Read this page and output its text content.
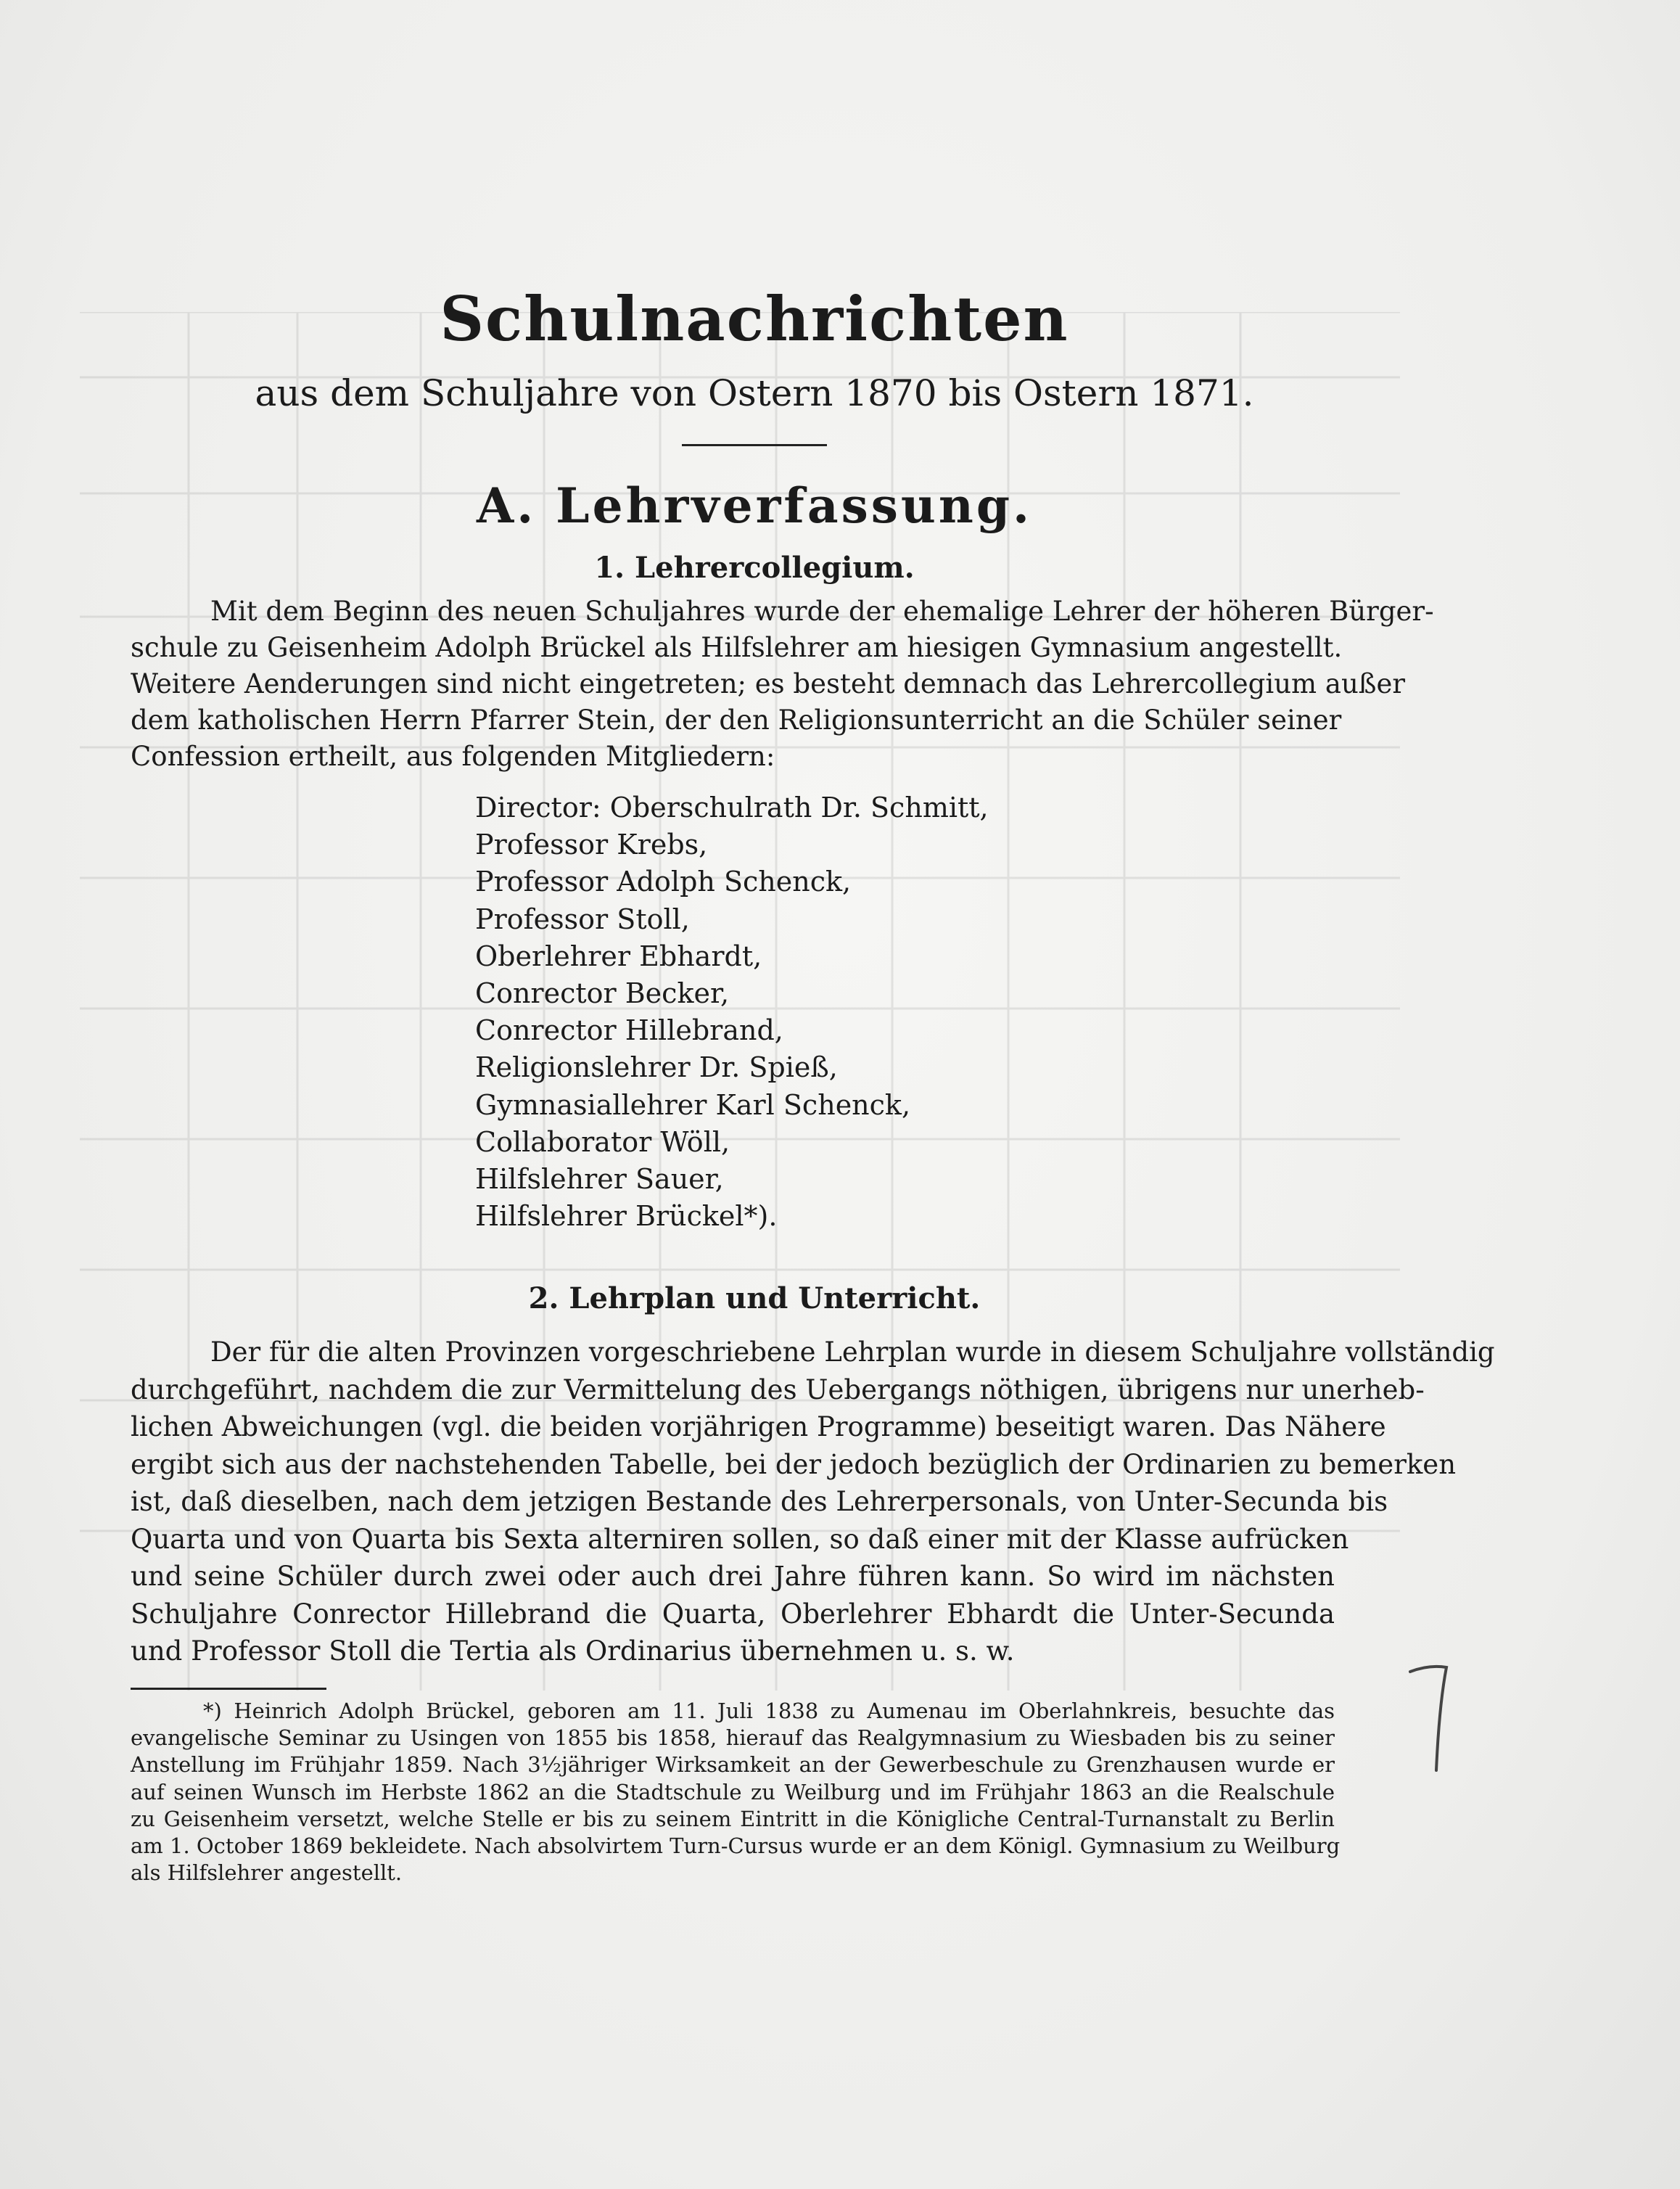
Schulnachrichten
aus dem Schuljahre von Ostern 1870 bis Ostern 1871.
A. Lehrverfassung.
1. Lehrercollegium.
Mit dem Beginn des neuen Schuljahres wurde der ehemalige Lehrer der höheren Bürger-
schule zu Geisenheim Adolph Brückel als Hilfslehrer am hiesigen Gymnasium angestellt.
Weitere Aenderungen sind nicht eingetreten; es besteht demnach das Lehrercollegium außer
dem katholischen Herrn Pfarrer Stein, der den Religionsunterricht an die Schüler seiner
Confession ertheilt, aus folgenden Mitgliedern:
Director: Oberschulrath Dr. Schmitt,
Professor Krebs,
Professor Adolph Schenck,
Professor Stoll,
Oberlehrer Ebhardt,
Conrector Becker,
Conrector Hillebrand,
Religionslehrer Dr. Spieß,
Gymnasiallehrer Karl Schenck,
Collaborator Wöll,
Hilfslehrer Sauer,
Hilfslehrer Brückel*).
2. Lehrplan und Unterricht.
Der für die alten Provinzen vorgeschriebene Lehrplan wurde in diesem Schuljahre vollständig
durchgeführt, nachdem die zur Vermittelung des Uebergangs nöthigen, übrigens nur unerheb-
lichen Abweichungen (vgl. die beiden vorjährigen Programme) beseitigt waren. Das Nähere
ergibt sich aus der nachstehenden Tabelle, bei der jedoch bezüglich der Ordinarien zu bemerken
ist, daß dieselben, nach dem jetzigen Bestande des Lehrerpersonals, von Unter-Secunda bis
Quarta und von Quarta bis Sexta alterniren sollen, so daß einer mit der Klasse aufrücken
und seine Schüler durch zwei oder auch drei Jahre führen kann. So wird im nächsten
Schuljahre Conrector Hillebrand die Quarta, Oberlehrer Ebhardt die Unter-Secunda
und Professor Stoll die Tertia als Ordinarius übernehmen u. s. w.
*) Heinrich Adolph Brückel, geboren am 11. Juli 1838 zu Aumenau im Oberlahnkreis, besuchte das
evangelische Seminar zu Usingen von 1855 bis 1858, hierauf das Realgymnasium zu Wiesbaden bis zu seiner
Anstellung im Frühjahr 1859. Nach 3½jähriger Wirksamkeit an der Gewerbeschule zu Grenzhausen wurde er
auf seinen Wunsch im Herbste 1862 an die Stadtschule zu Weilburg und im Frühjahr 1863 an die Realschule
zu Geisenheim versetzt, welche Stelle er bis zu seinem Eintritt in die Königliche Central-Turnanstalt zu Berlin
am 1. October 1869 bekleidete. Nach absolvirtem Turn-Cursus wurde er an dem Königl. Gymnasium zu Weilburg
als Hilfslehrer angestellt.
